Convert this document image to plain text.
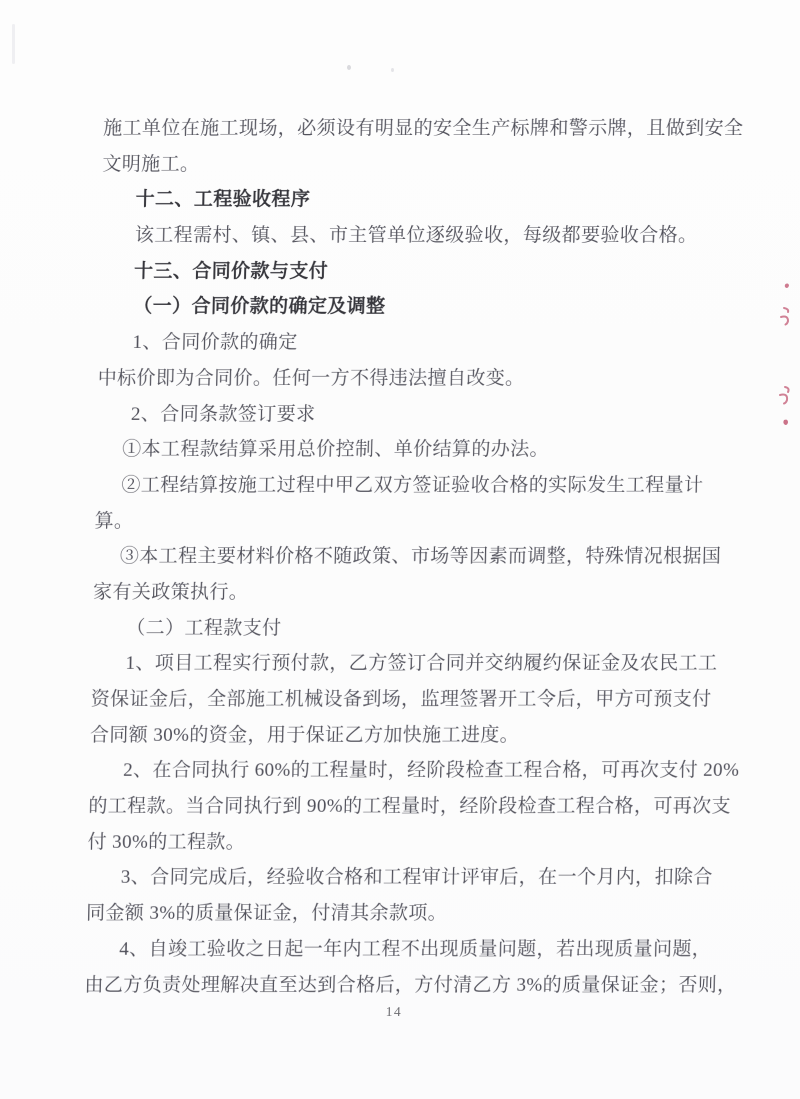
施工单位在施工现场，必须设有明显的安全生产标牌和警示牌，且做到安全
文明施工。
十二、工程验收程序
该工程需村、镇、县、市主管单位逐级验收，每级都要验收合格。
十三、合同价款与支付
（一）合同价款的确定及调整
1、合同价款的确定
中标价即为合同价。任何一方不得违法擅自改变。
2、合同条款签订要求
①本工程款结算采用总价控制、单价结算的办法。
②工程结算按施工过程中甲乙双方签证验收合格的实际发生工程量计
算。
③本工程主要材料价格不随政策、市场等因素而调整，特殊情况根据国
家有关政策执行。
（二）工程款支付
1、项目工程实行预付款，乙方签订合同并交纳履约保证金及农民工工
资保证金后，全部施工机械设备到场，监理签署开工令后，甲方可预支付
合同额 30%的资金，用于保证乙方加快施工进度。
2、在合同执行 60%的工程量时，经阶段检查工程合格，可再次支付 20%
的工程款。当合同执行到 90%的工程量时，经阶段检查工程合格，可再次支
付 30%的工程款。
3、合同完成后，经验收合格和工程审计评审后，在一个月内，扣除合
同金额 3%的质量保证金，付清其余款项。
4、自竣工验收之日起一年内工程不出现质量问题，若出现质量问题，
由乙方负责处理解决直至达到合格后，方付清乙方 3%的质量保证金；否则，
14
